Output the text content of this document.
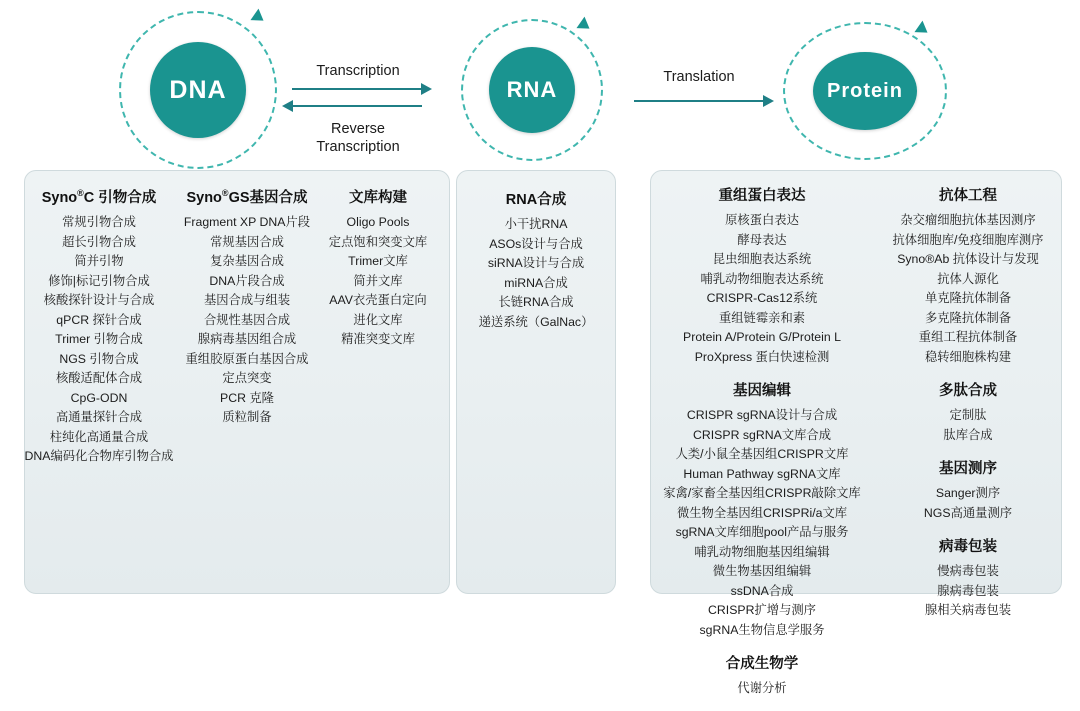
DNA	RNA	Protein
Transcription
Reverse
Transcription
Translation
Syno®C 引物合成
常规引物合成
超长引物合成
简并引物
修饰|标记引物合成
核酸探针设计与合成
qPCR 探针合成
Trimer 引物合成
NGS 引物合成
核酸适配体合成
CpG-ODN
高通量探针合成
柱纯化高通量合成
DNA编码化合物库引物合成
Syno®GS基因合成
Fragment XP DNA片段
常规基因合成
复杂基因合成
DNA片段合成
基因合成与组装
合规性基因合成
腺病毒基因组合成
重组胶原蛋白基因合成
定点突变
PCR 克隆
质粒制备
文库构建
Oligo Pools
定点饱和突变文库
Trimer文库
简并文库
AAV衣壳蛋白定向
进化文库
精准突变文库
RNA合成
小干扰RNA
ASOs设计与合成
siRNA设计与合成
miRNA合成
长链RNA合成
递送系统（GalNac）
重组蛋白表达
原核蛋白表达
酵母表达
昆虫细胞表达系统
哺乳动物细胞表达系统
CRISPR-Cas12系统
重组链霉亲和素
Protein A/Protein G/Protein L
ProXpress 蛋白快速检测
基因编辑
CRISPR sgRNA设计与合成
CRISPR sgRNA文库合成
人类/小鼠全基因组CRISPR文库
Human Pathway sgRNA文库
家禽/家畜全基因组CRISPR敲除文库
微生物全基因组CRISPRi/a文库
sgRNA文库细胞pool产品与服务
哺乳动物细胞基因组编辑
微生物基因组编辑
ssDNA合成
CRISPR扩增与测序
sgRNA生物信息学服务
合成生物学
代谢分析
抗体工程
杂交瘤细胞抗体基因测序
抗体细胞库/免疫细胞库测序
Syno®Ab 抗体设计与发现
抗体人源化
单克隆抗体制备
多克隆抗体制备
重组工程抗体制备
稳转细胞株构建
多肽合成
定制肽
肽库合成
基因测序
Sanger测序
NGS高通量测序
病毒包装
慢病毒包装
腺病毒包装
腺相关病毒包装
